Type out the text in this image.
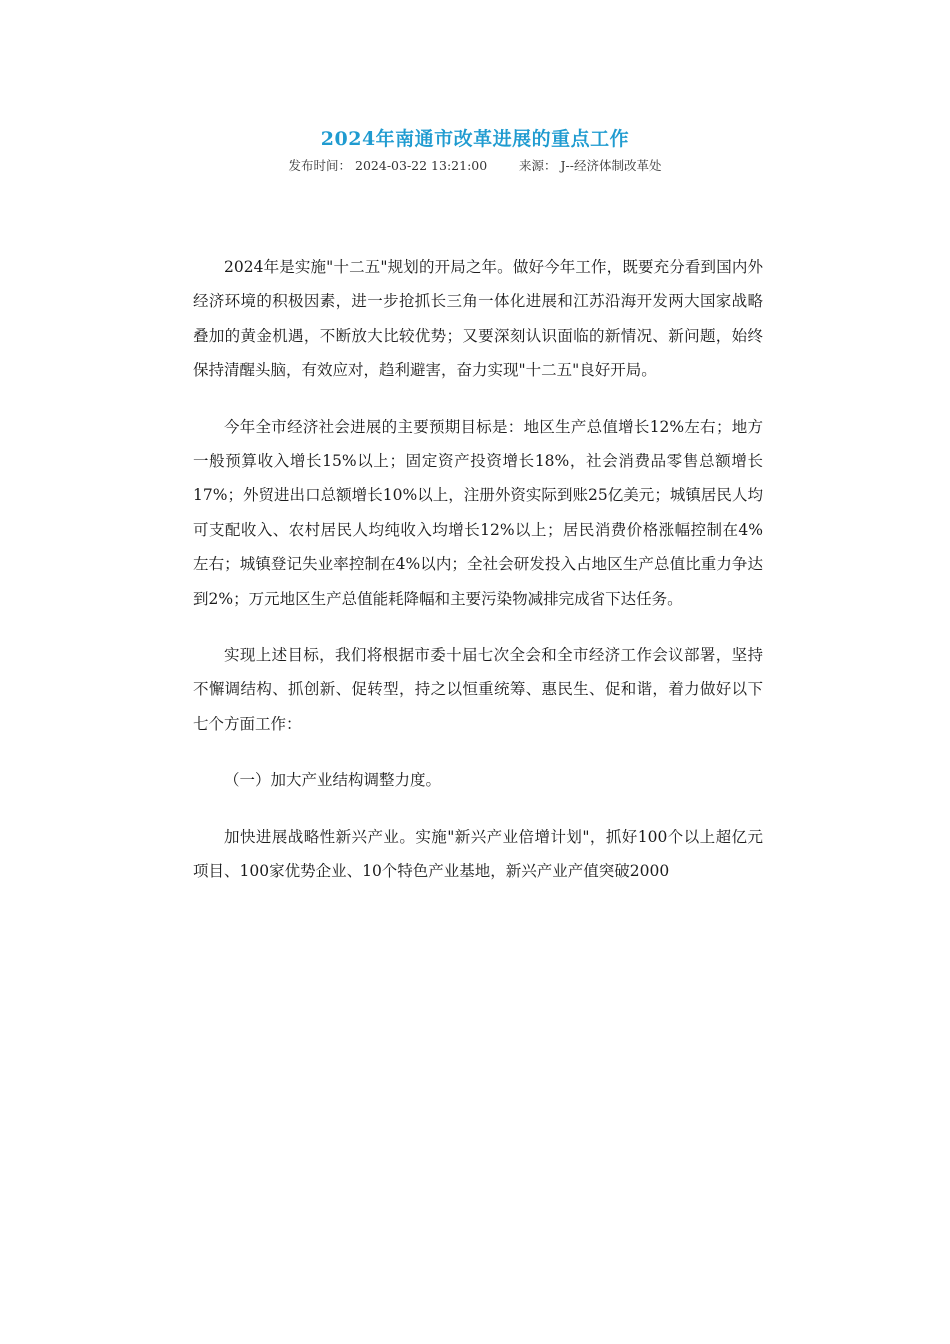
2024年南通市改革进展的重点工作
发布时间： 2024-03-22 13:21:00	来源： J--经济体制改革处

2024年是实施"十二五"规划的开局之年。做好今年工作，既要充分看到国内外经济环境的积极因素，进一步抢抓长三角一体化进展和江苏沿海开发两大国家战略叠加的黄金机遇，不断放大比较优势；又要深刻认识面临的新情况、新问题，始终保持清醒头脑，有效应对，趋利避害，奋力实现"十二五"良好开局。

今年全市经济社会进展的主要预期目标是：地区生产总值增长12%左右；地方一般预算收入增长15%以上；固定资产投资增长18%，社会消费品零售总额增长17%；外贸进出口总额增长10%以上，注册外资实际到账25亿美元；城镇居民人均可支配收入、农村居民人均纯收入均增长12%以上；居民消费价格涨幅控制在4%左右；城镇登记失业率控制在4%以内；全社会研发投入占地区生产总值比重力争达到2%；万元地区生产总值能耗降幅和主要污染物减排完成省下达任务。

实现上述目标，我们将根据市委十届七次全会和全市经济工作会议部署，坚持不懈调结构、抓创新、促转型，持之以恒重统筹、惠民生、促和谐，着力做好以下七个方面工作：

（一）加大产业结构调整力度。

加快进展战略性新兴产业。实施"新兴产业倍增计划"，抓好100个以上超亿元项目、100家优势企业、10个特色产业基地，新兴产业产值突破2000
